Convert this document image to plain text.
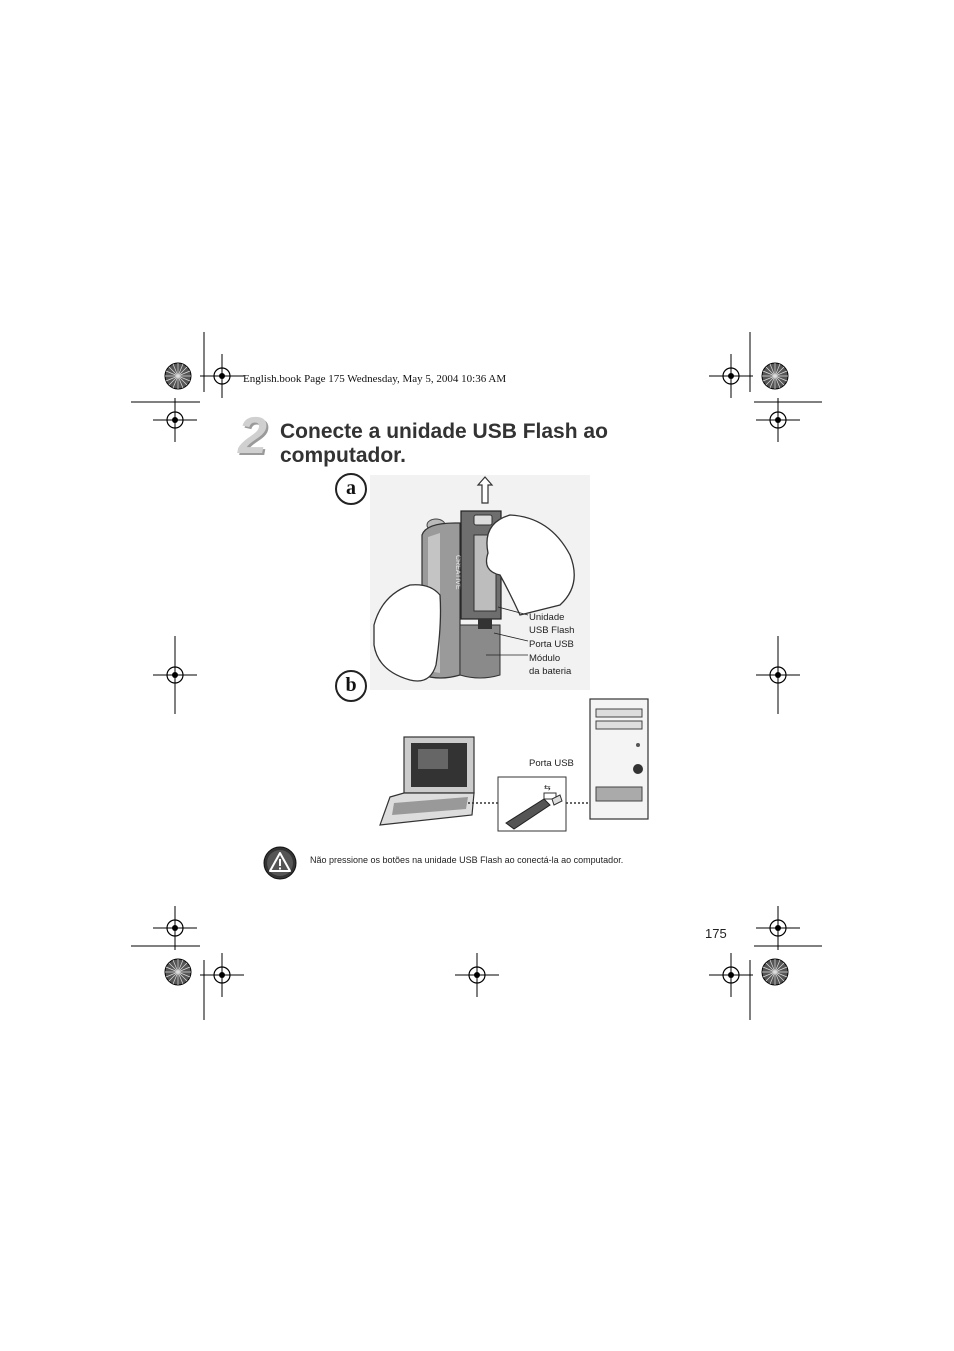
English.book Page 175 Wednesday, May 5, 2004 10:36 AM
2 Conecte a unidade USB Flash ao computador.
a
CREATIVE
Unidade
USB Flash
Porta USB
Módulo
da bateria
b
⇆
Porta USB
Não pressione os botões na unidade USB Flash ao conectá-la ao computador.
175
